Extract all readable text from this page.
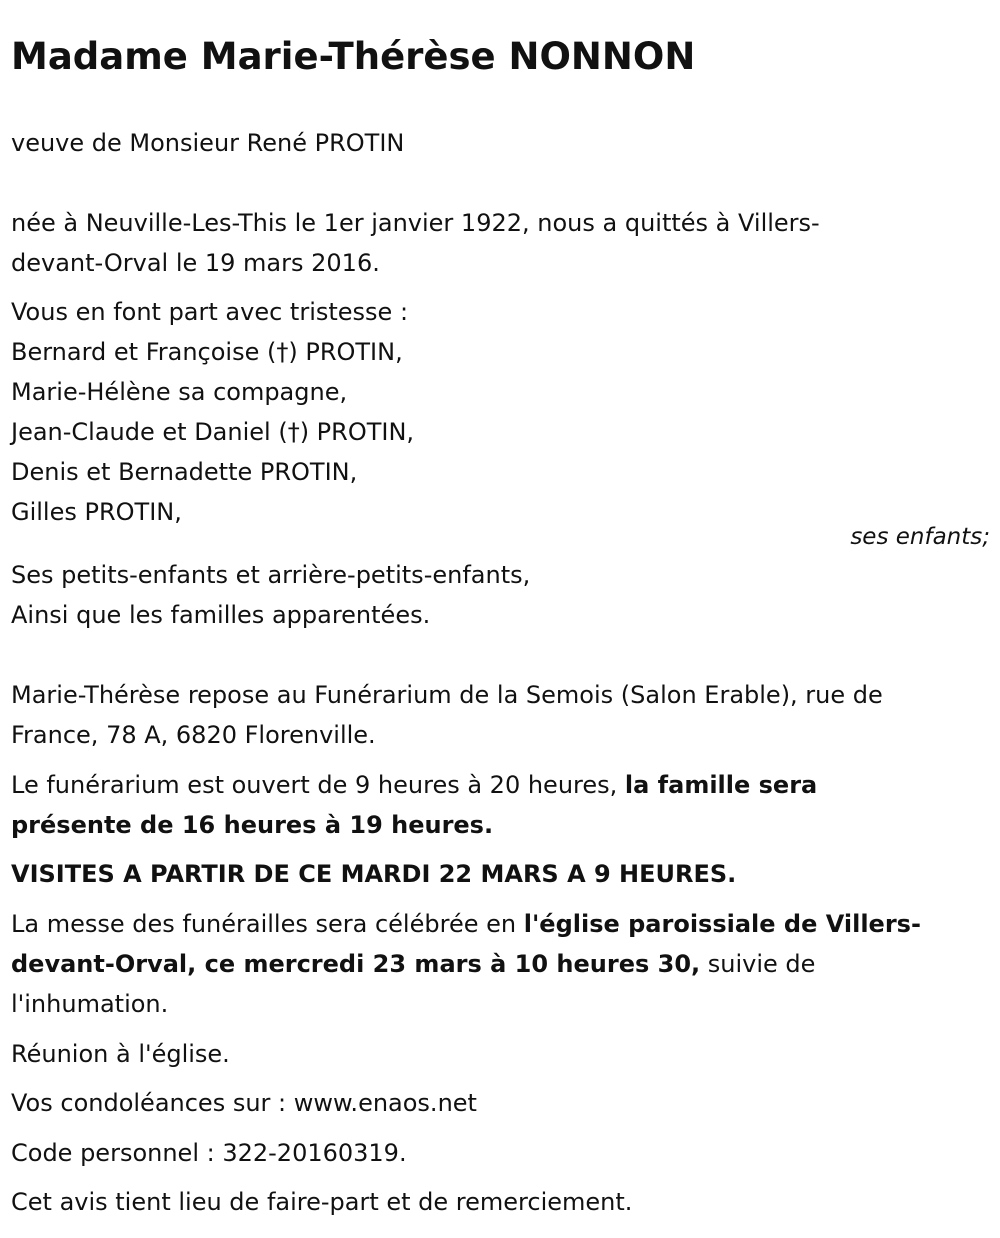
Madame Marie-Thérèse NONNON
veuve de Monsieur René PROTIN
née à Neuville-Les-This le 1er janvier 1922, nous a quittés à Villers-
devant-Orval le 19 mars 2016.
Vous en font part avec tristesse :
Bernard et Françoise (†) PROTIN,
Marie-Hélène sa compagne,
Jean-Claude et Daniel (†) PROTIN,
Denis et Bernadette PROTIN,
Gilles PROTIN,
ses enfants;
Ses petits-enfants et arrière-petits-enfants,
Ainsi que les familles apparentées.
Marie-Thérèse repose au Funérarium de la Semois (Salon Erable), rue de
France, 78 A, 6820 Florenville.
Le funérarium est ouvert de 9 heures à 20 heures, la famille sera
présente de 16 heures à 19 heures.
VISITES A PARTIR DE CE MARDI 22 MARS A 9 HEURES.
La messe des funérailles sera célébrée en l'église paroissiale de Villers-
devant-Orval, ce mercredi 23 mars à 10 heures 30, suivie de
l'inhumation.
Réunion à l'église.
Vos condoléances sur : www.enaos.net
Code personnel : 322-20160319.
Cet avis tient lieu de faire-part et de remerciement.
